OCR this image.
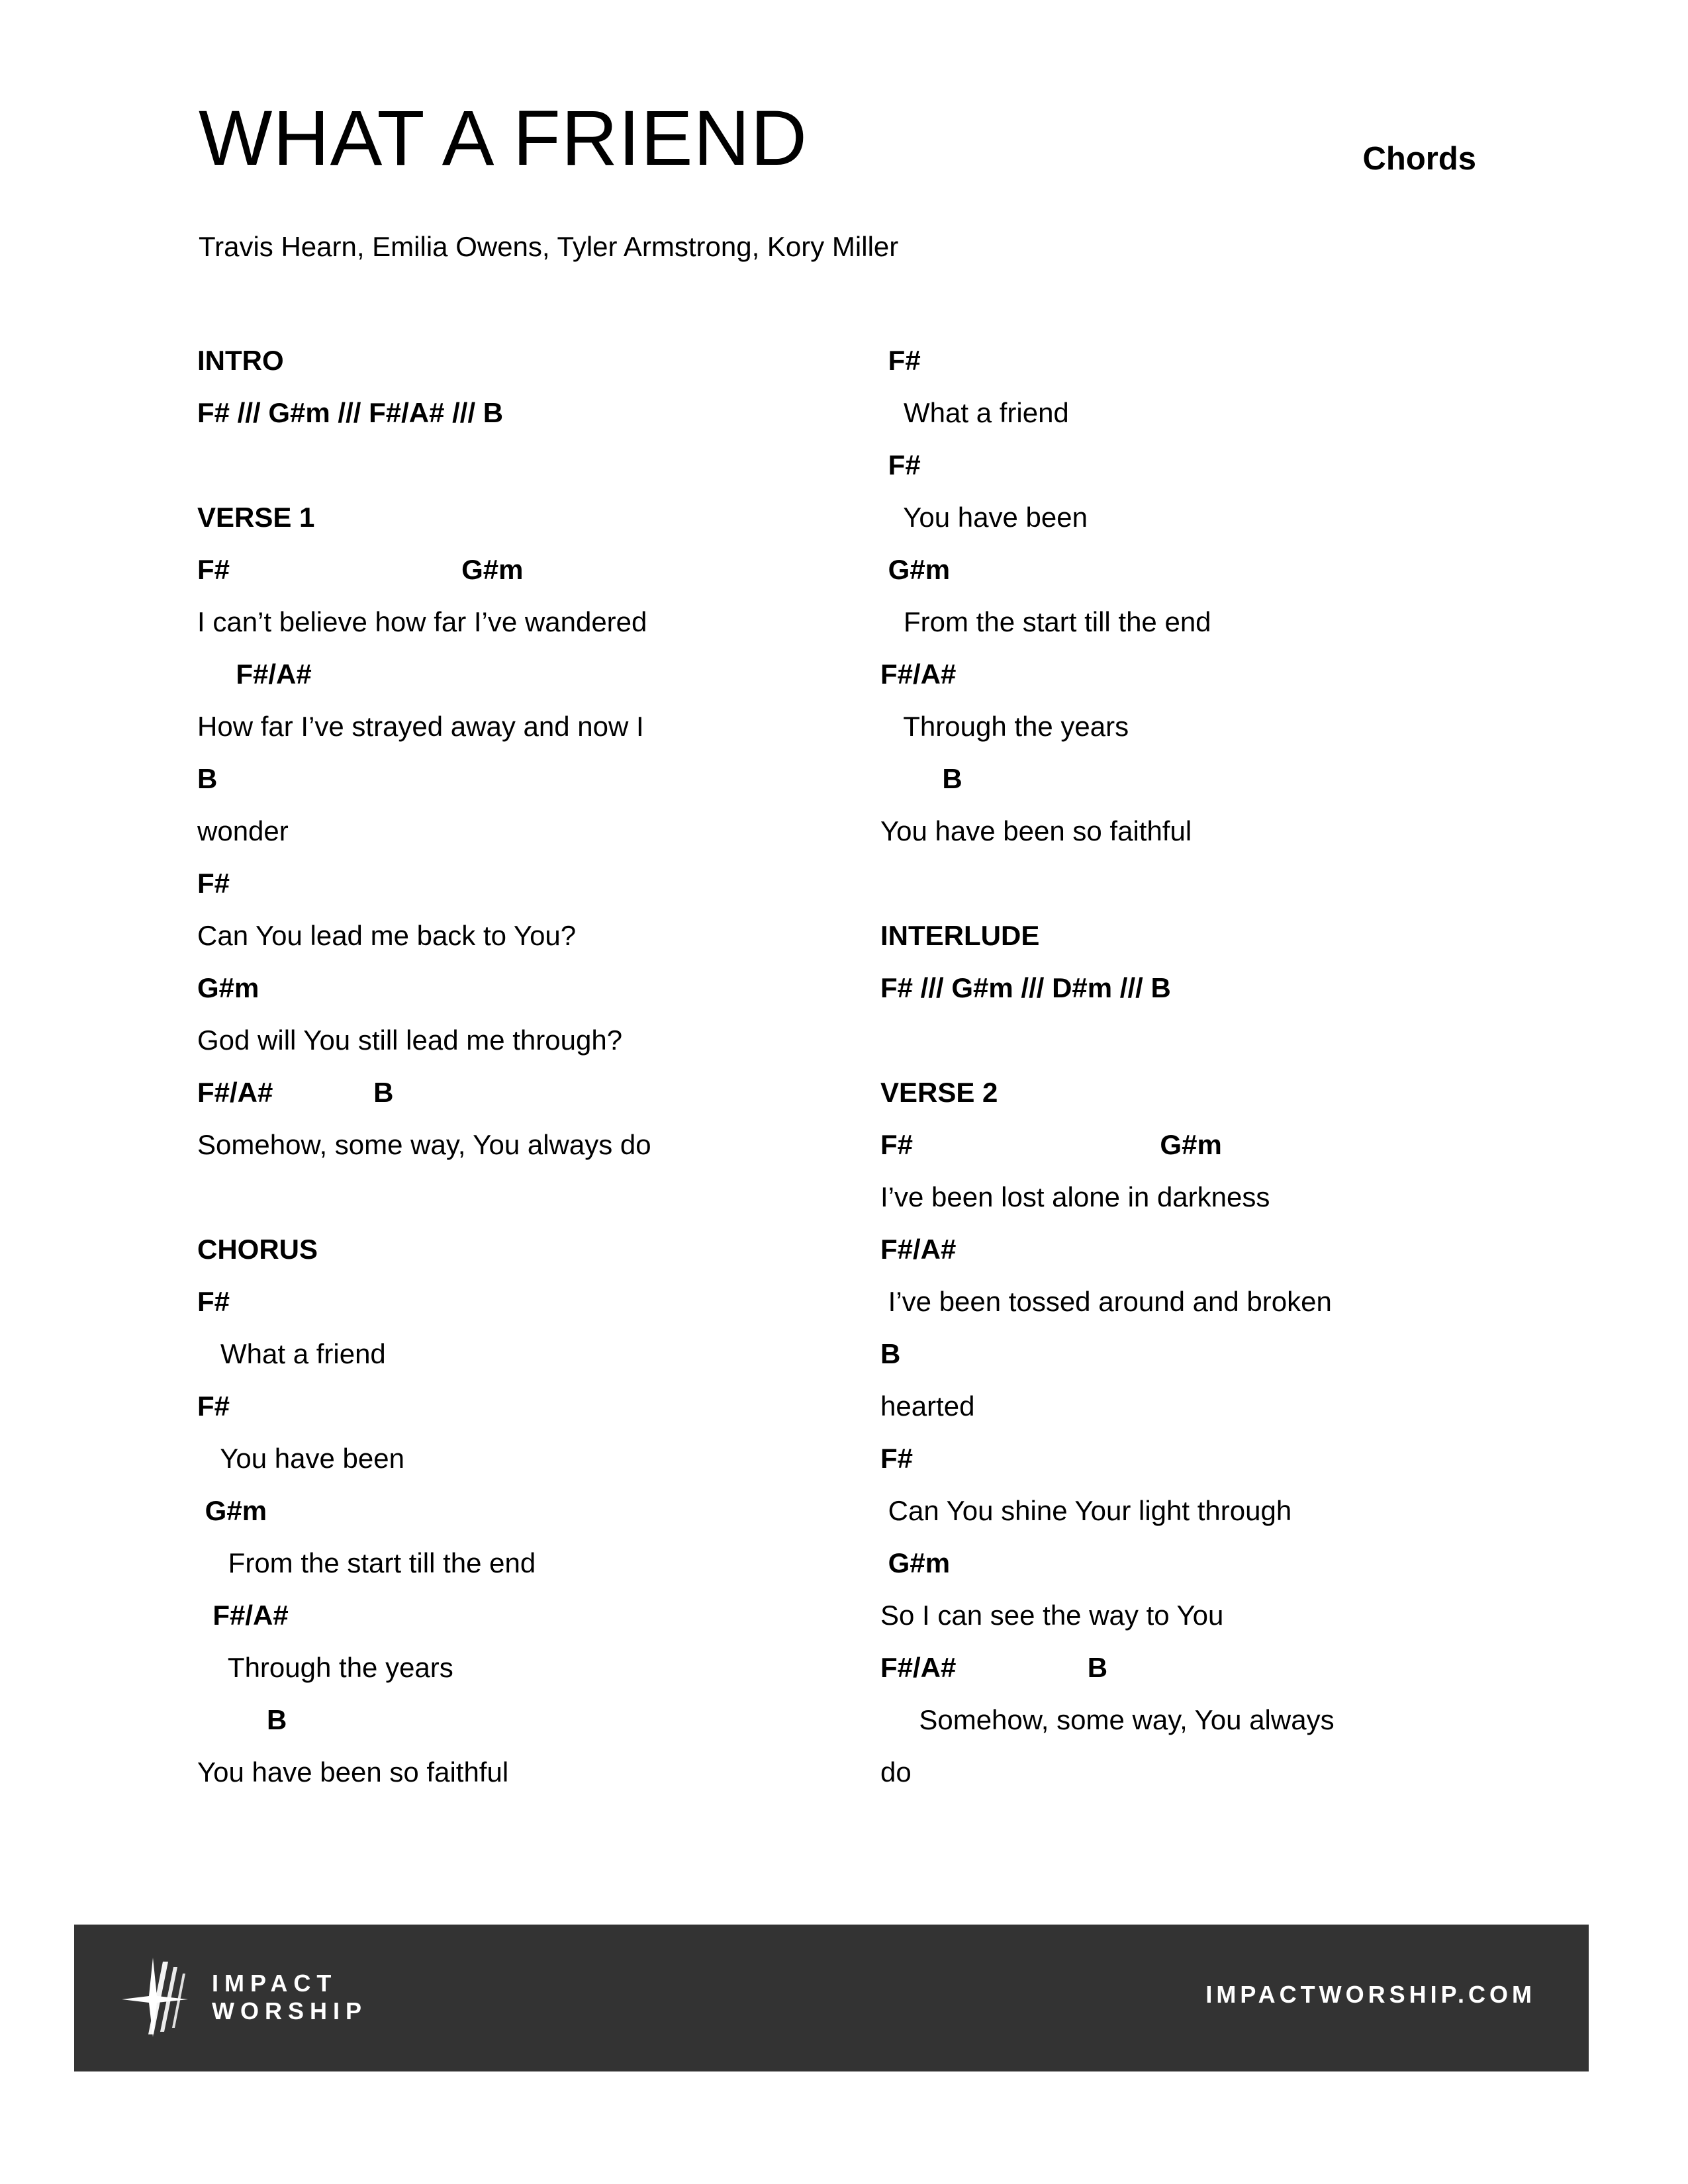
WHAT A FRIEND	Chords
Travis Hearn, Emilia Owens, Tyler Armstrong, Kory Miller
INTRO
F# /// G#m /// F#/A# /// B

VERSE 1
F#                              G#m
I can’t believe how far I’ve wandered
F#/A#
How far I’ve strayed away and now I
B
wonder
F#
Can You lead me back to You?
G#m
God will You still lead me through?
F#/A#             B
Somehow, some way, You always do

CHORUS
F#
What a friend
F#
You have been
G#m
From the start till the end
F#/A#
Through the years
B
You have been so faithful
F#
What a friend
F#
You have been
G#m
From the start till the end
F#/A#
Through the years
B
You have been so faithful

INTERLUDE
F# /// G#m /// D#m /// B

VERSE 2
F#                                G#m
I’ve been lost alone in darkness
F#/A#
I’ve been tossed around and broken
B
hearted
F#
Can You shine Your light through
G#m
So I can see the way to You
F#/A#                 B
Somehow, some way, You always
do
IMPACT
WORSHIP
IMPACTWORSHIP.COM
